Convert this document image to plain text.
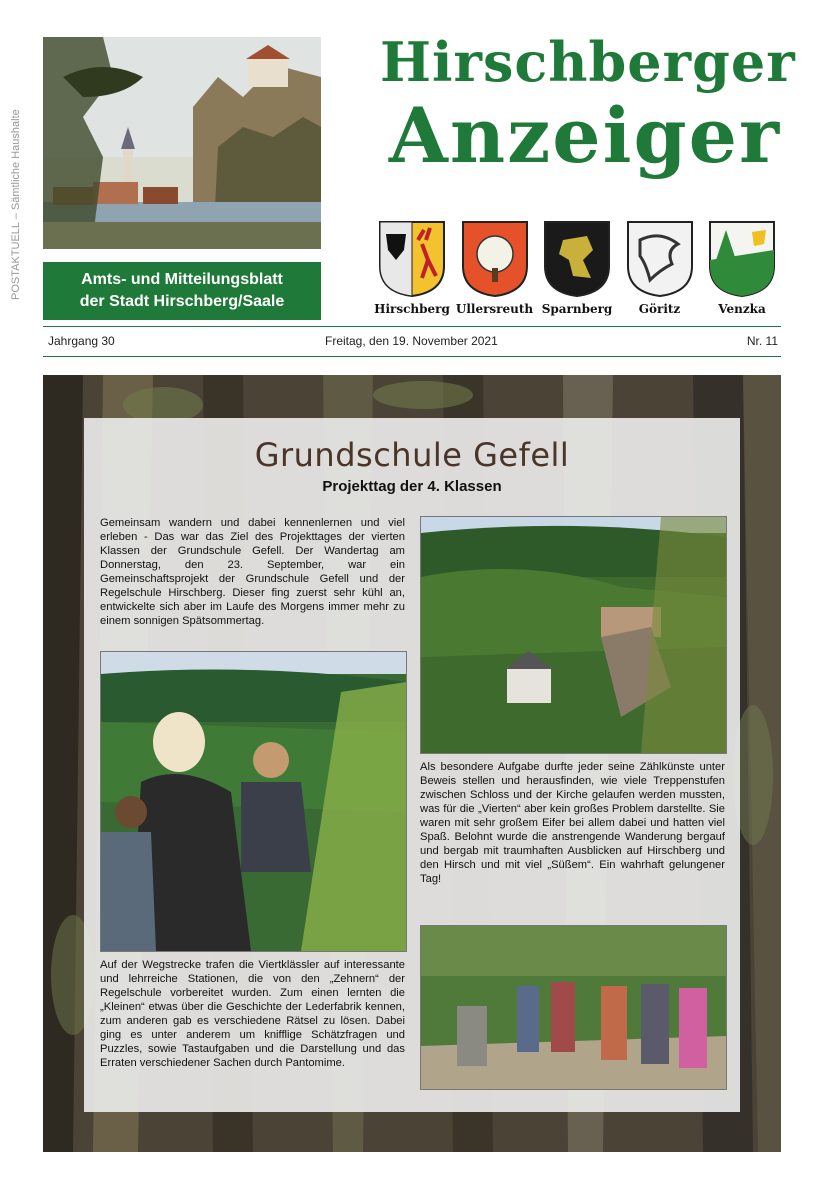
POSTAKTUELL – Sämtliche Haushalte	Amts- und Mitteilungsblatt
der Stadt Hirschberg/Saale
Hirschberger
Anzeiger
Hirschberg Ullersreuth Sparnberg	Göritz	Venzka
Jahrgang 30	Freitag, den 19. November 2021	Nr. 11
Grundschule Gefell
Projekttag der 4. Klassen
Gemeinsam wandern und dabei kennenlernen und viel erleben - Das war das Ziel des Projekttages der vierten Klassen der Grundschule Gefell. Der Wandertag am Donnerstag, den 23. September, war ein Gemeinschaftsprojekt der Grundschule Gefell und der Regelschule Hirschberg. Dieser fing zuerst sehr kühl an, entwickelte sich aber im Laufe des Morgens immer mehr zu einem sonnigen Spätsommertag.
Als besondere Aufgabe durfte jeder seine Zählkünste unter Beweis stellen und herausfinden, wie viele Treppenstufen zwischen Schloss und der Kirche gelaufen werden mussten, was für die „Vierten“ aber kein großes Problem darstellte. Sie waren mit sehr großem Eifer bei allem dabei und hatten viel Spaß. Belohnt wurde die anstrengende Wanderung bergauf und bergab mit traumhaften Ausblicken auf Hirschberg und den Hirsch und mit viel „Süßem“. Ein wahrhaft gelungener Tag!
Auf der Wegstrecke trafen die Viertklässler auf interessante und lehrreiche Stationen, die von den „Zehnern“ der Regelschule vorbereitet wurden. Zum einen lernten die „Kleinen“ etwas über die Geschichte der Lederfabrik kennen, zum anderen gab es verschiedene Rätsel zu lösen. Dabei ging es unter anderem um knifflige Schätzfragen und Puzzles, sowie Tastaufgaben und die Darstellung und das Erraten verschiedener Sachen durch Pantomime.
